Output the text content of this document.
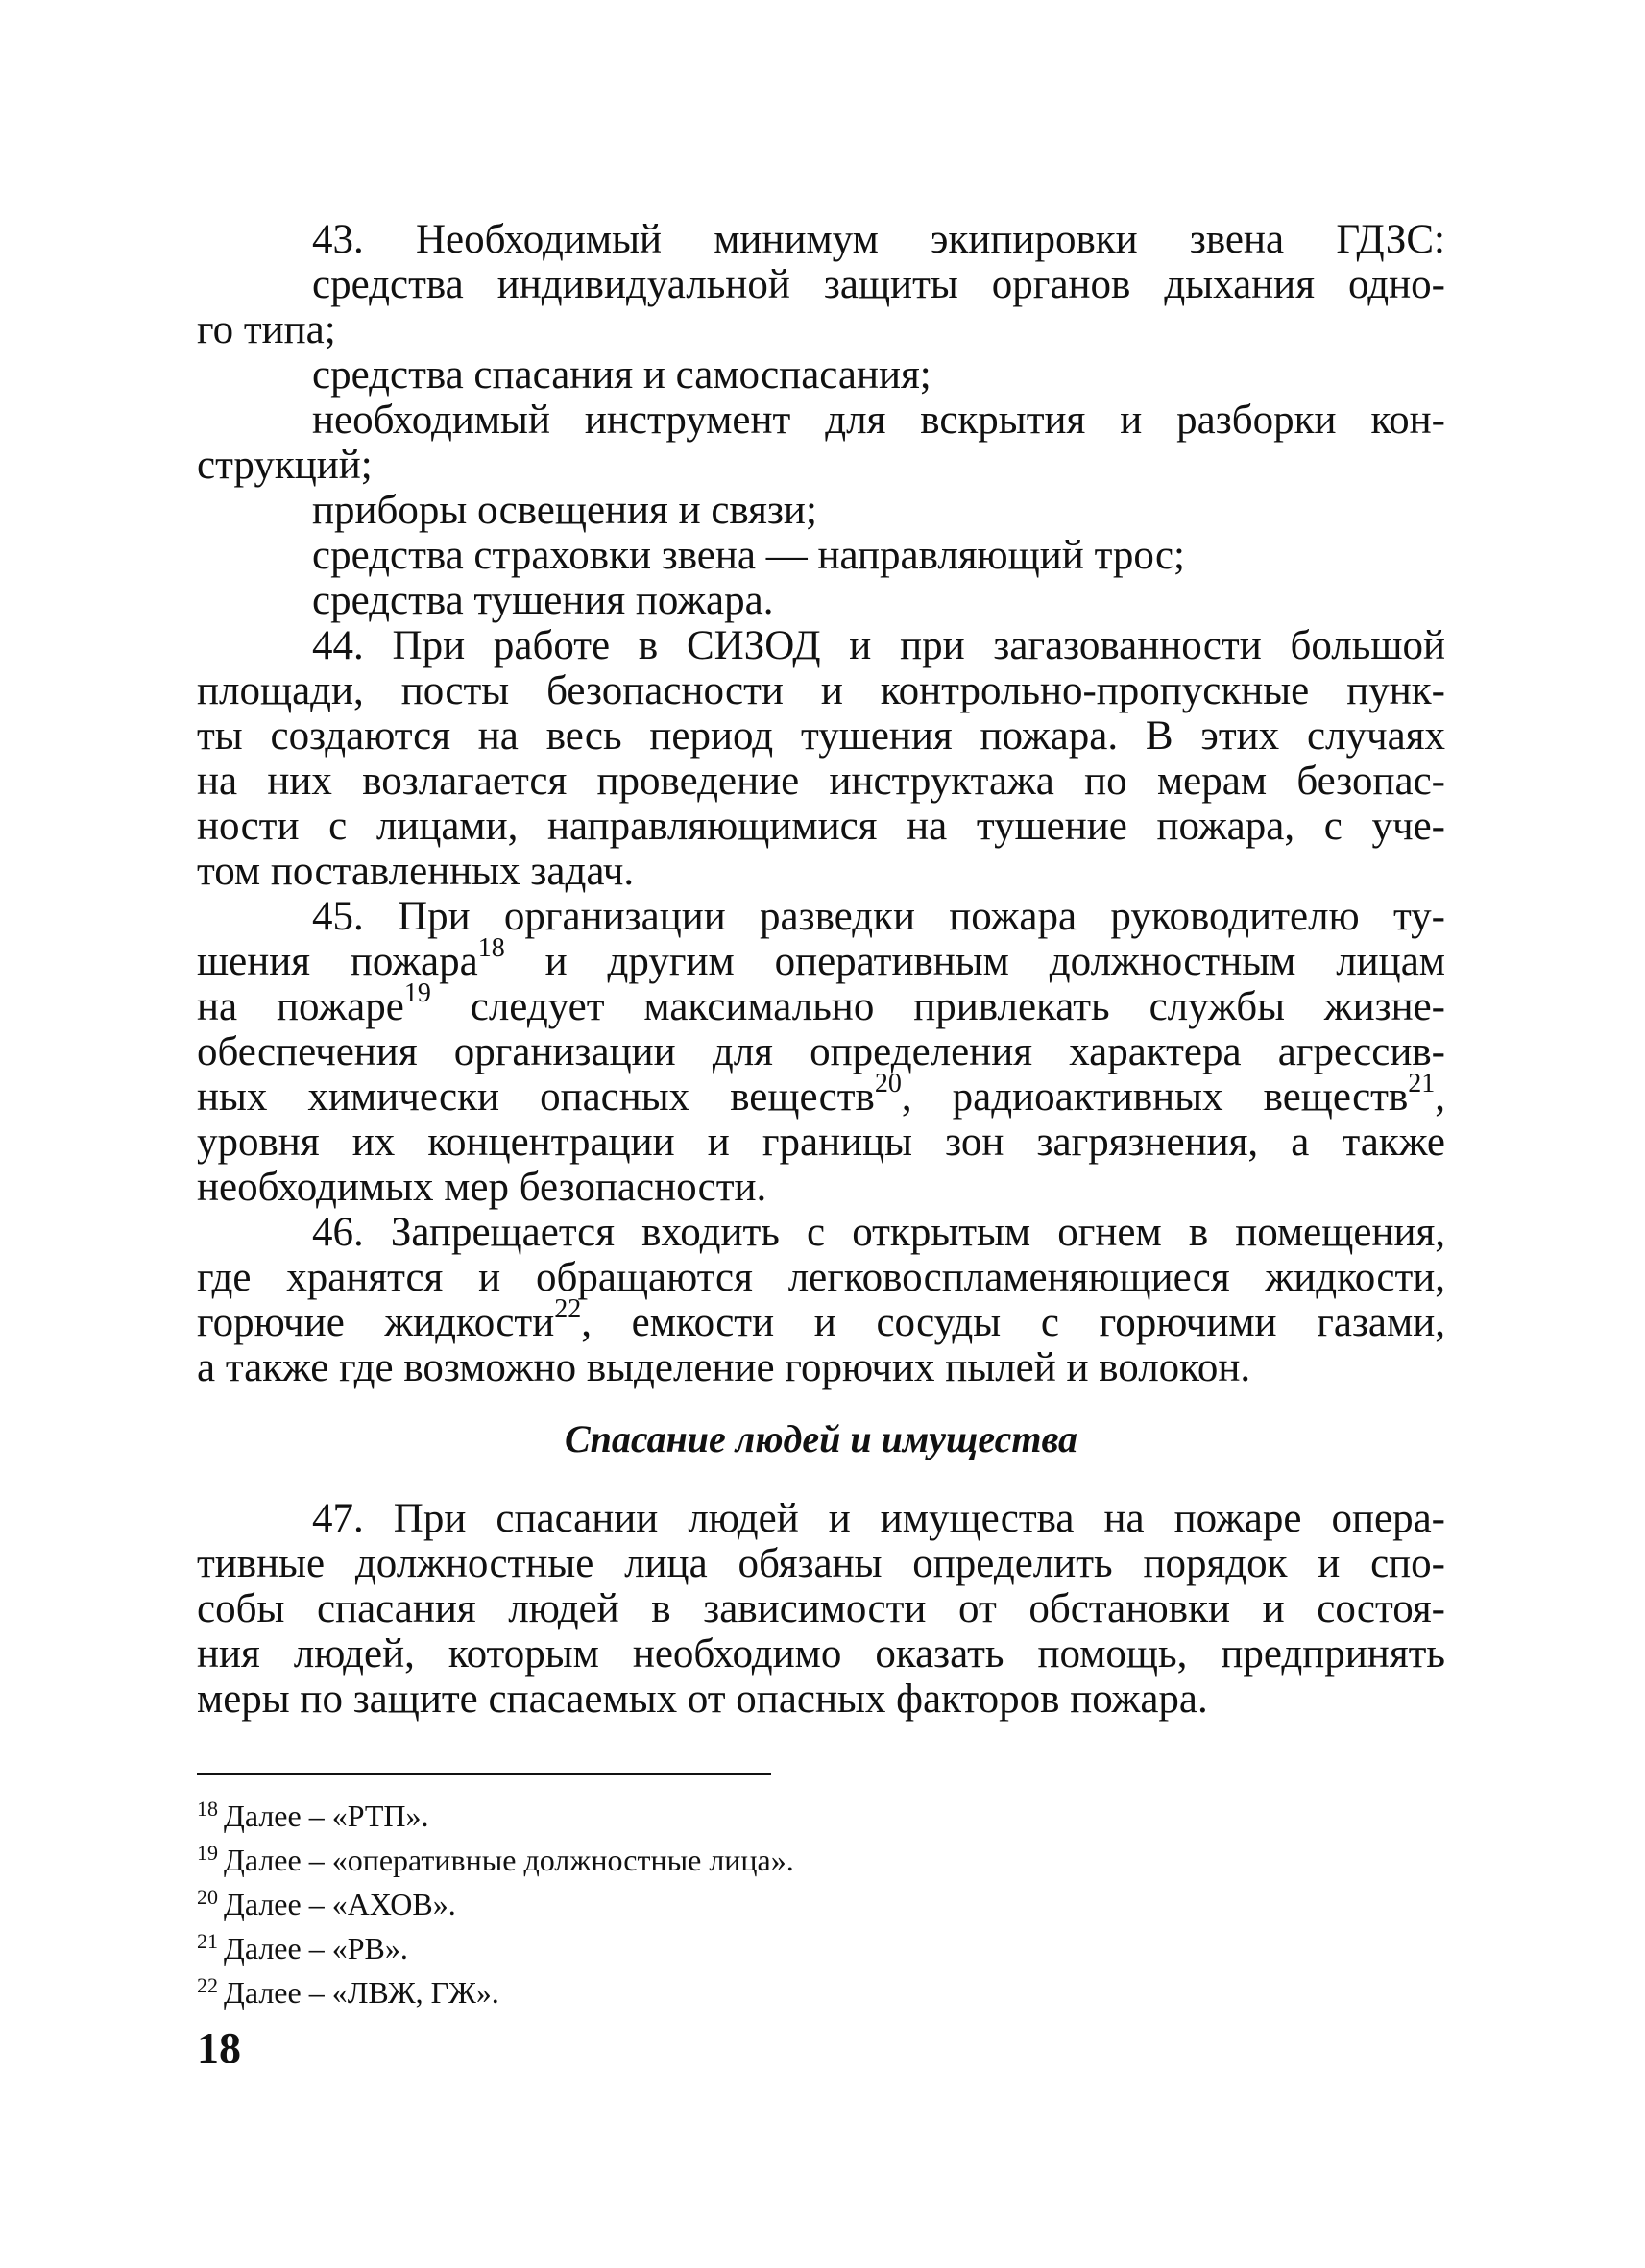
43. Необходимый минимум экипировки звена ГДЗС:
средства индивидуальной защиты органов дыхания одно-
го типа;
средства спасания и самоспасания;
необходимый инструмент для вскрытия и разборки кон-
струкций;
приборы освещения и связи;
средства страховки звена — направляющий трос;
средства тушения пожара.
44. При работе в СИЗОД и при загазованности большой
площади, посты безопасности и контрольно-пропускные пунк-
ты создаются на весь период тушения пожара. В этих случаях
на них возлагается проведение инструктажа по мерам безопас-
ности с лицами, направляющимися на тушение пожара, с уче-
том поставленных задач.
45. При организации разведки пожара руководителю ту-
шения пожара$^{18}$ и другим оперативным должностным лицам
на пожаре$^{19}$ следует максимально привлекать службы жизне-
обеспечения организации для определения характера агрессив-
ных химически опасных веществ$^{20}$, радиоактивных веществ$^{21}$,
уровня их концентрации и границы зон загрязнения, а также
необходимых мер безопасности.
46. Запрещается входить с открытым огнем в помещения,
где хранятся и обращаются легковоспламеняющиеся жидкости,
горючие жидкости$^{22}$, емкости и сосуды с горючими газами,
а также где возможно выделение горючих пылей и волокон.
Спасание людей и имущества
47. При спасании людей и имущества на пожаре опера-
тивные должностные лица обязаны определить порядок и спо-
собы спасания людей в зависимости от обстановки и состоя-
ния людей, которым необходимо оказать помощь, предпринять
меры по защите спасаемых от опасных факторов пожара.
$^{18}$ Далее – «РТП».
$^{19}$ Далее – «оперативные должностные лица».
$^{20}$ Далее – «АХОВ».
$^{21}$ Далее – «РВ».
$^{22}$ Далее – «ЛВЖ, ГЖ».
18
